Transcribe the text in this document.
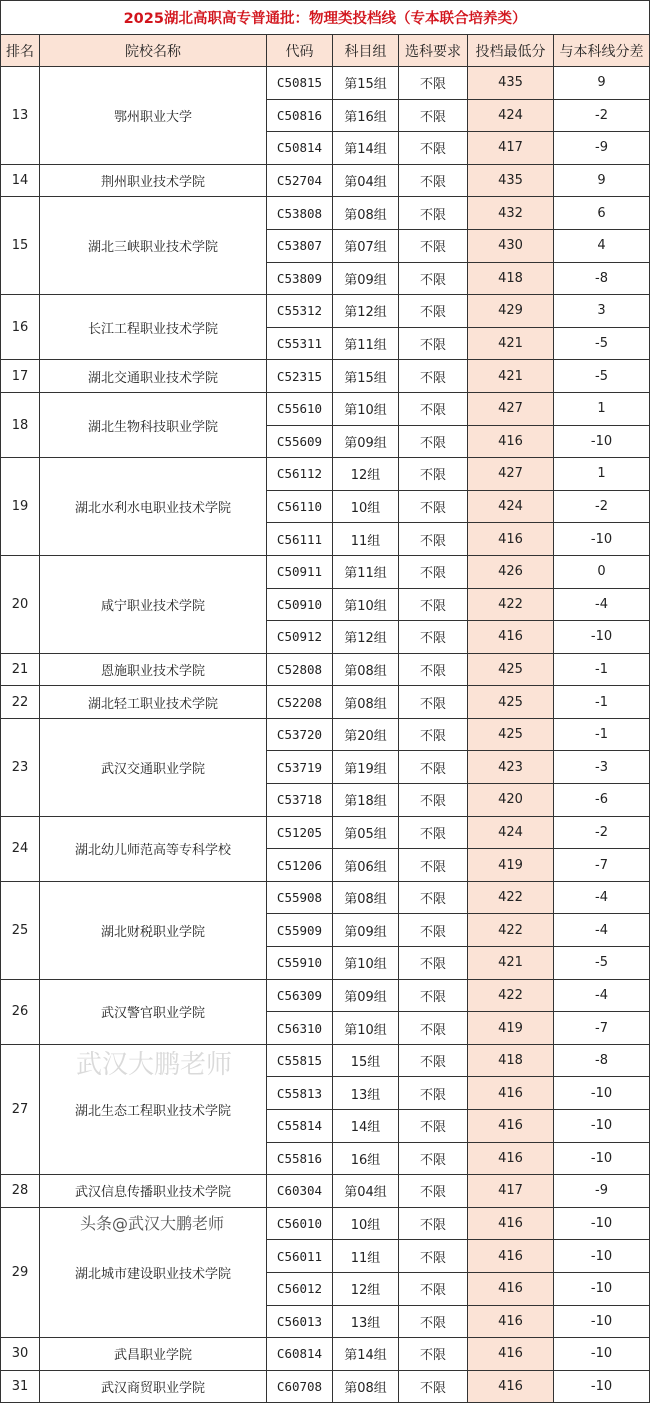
2025湖北高职高专普通批：物理类投档线（专本联合培养类）						
排名	院校名称	代码	科目组	选科要求	投档最低分	与本科线分差
13	鄂州职业大学	C50815	第15组	不限	435	9
		C50816	第16组	不限	424	-2
		C50814	第14组	不限	417	-9
14	荆州职业技术学院	C52704	第04组	不限	435	9
15	湖北三峡职业技术学院	C53808	第08组	不限	432	6
		C53807	第07组	不限	430	4
		C53809	第09组	不限	418	-8
16	长江工程职业技术学院	C55312	第12组	不限	429	3
		C55311	第11组	不限	421	-5
17	湖北交通职业技术学院	C52315	第15组	不限	421	-5
18	湖北生物科技职业学院	C55610	第10组	不限	427	1
		C55609	第09组	不限	416	-10
19	湖北水利水电职业技术学院	C56112	12组	不限	427	1
		C56110	10组	不限	424	-2
		C56111	11组	不限	416	-10
20	咸宁职业技术学院	C50911	第11组	不限	426	0
		C50910	第10组	不限	422	-4
		C50912	第12组	不限	416	-10
21	恩施职业技术学院	C52808	第08组	不限	425	-1
22	湖北轻工职业技术学院	C52208	第08组	不限	425	-1
23	武汉交通职业学院	C53720	第20组	不限	425	-1
		C53719	第19组	不限	423	-3
		C53718	第18组	不限	420	-6
24	湖北幼儿师范高等专科学校	C51205	第05组	不限	424	-2
		C51206	第06组	不限	419	-7
25	湖北财税职业学院	C55908	第08组	不限	422	-4
		C55909	第09组	不限	422	-4
		C55910	第10组	不限	421	-5
26	武汉警官职业学院	C56309	第09组	不限	422	-4
		C56310	第10组	不限	419	-7
27	湖北生态工程职业技术学院	C55815	15组	不限	418	-8
		C55813	13组	不限	416	-10
		C55814	14组	不限	416	-10
		C55816	16组	不限	416	-10
28	武汉信息传播职业技术学院	C60304	第04组	不限	417	-9
29	湖北城市建设职业技术学院	C56010	10组	不限	416	-10
		C56011	11组	不限	416	-10
		C56012	12组	不限	416	-10
		C56013	13组	不限	416	-10
30	武昌职业学院	C60814	第14组	不限	416	-10
31	武汉商贸职业学院	C60708	第08组	不限	416	-10
武汉大鹏老师
头条@武汉大鹏老师
